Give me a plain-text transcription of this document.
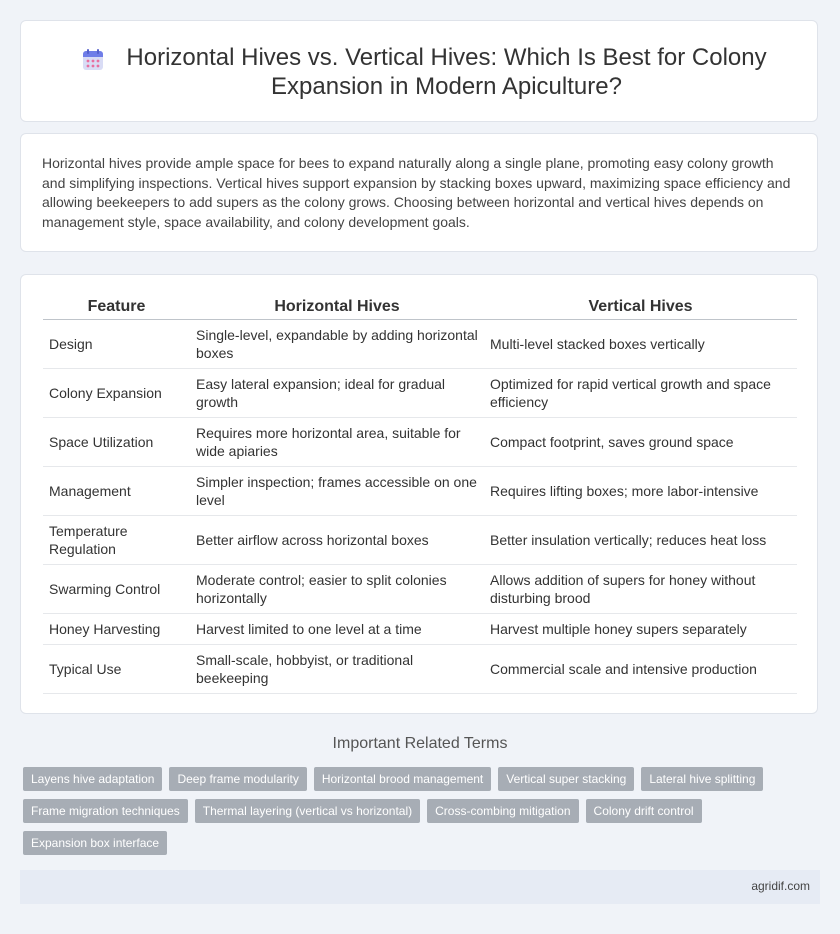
Horizontal Hives vs. Vertical Hives: Which Is Best for Colony Expansion in Modern Apiculture?

Horizontal hives provide ample space for bees to expand naturally along a single plane, promoting easy colony growth and simplifying inspections. Vertical hives support expansion by stacking boxes upward, maximizing space efficiency and allowing beekeepers to add supers as the colony grows. Choosing between horizontal and vertical hives depends on management style, space availability, and colony development goals.

Feature	Horizontal Hives	Vertical Hives
Design	Single-level, expandable by adding horizontal boxes	Multi-level stacked boxes vertically
Colony Expansion	Easy lateral expansion; ideal for gradual growth	Optimized for rapid vertical growth and space efficiency
Space Utilization	Requires more horizontal area, suitable for wide apiaries	Compact footprint, saves ground space
Management	Simpler inspection; frames accessible on one level	Requires lifting boxes; more labor-intensive
Temperature Regulation	Better airflow across horizontal boxes	Better insulation vertically; reduces heat loss
Swarming Control	Moderate control; easier to split colonies horizontally	Allows addition of supers for honey without disturbing brood
Honey Harvesting	Harvest limited to one level at a time	Harvest multiple honey supers separately
Typical Use	Small-scale, hobbyist, or traditional beekeeping	Commercial scale and intensive production
Important Related Terms
Layens hive adaptation	Deep frame modularity	Horizontal brood management	Vertical super stacking	Lateral hive splitting
Frame migration techniques	Thermal layering (vertical vs horizontal)	Cross-combing mitigation	Colony drift control
Expansion box interface
agridif.com
